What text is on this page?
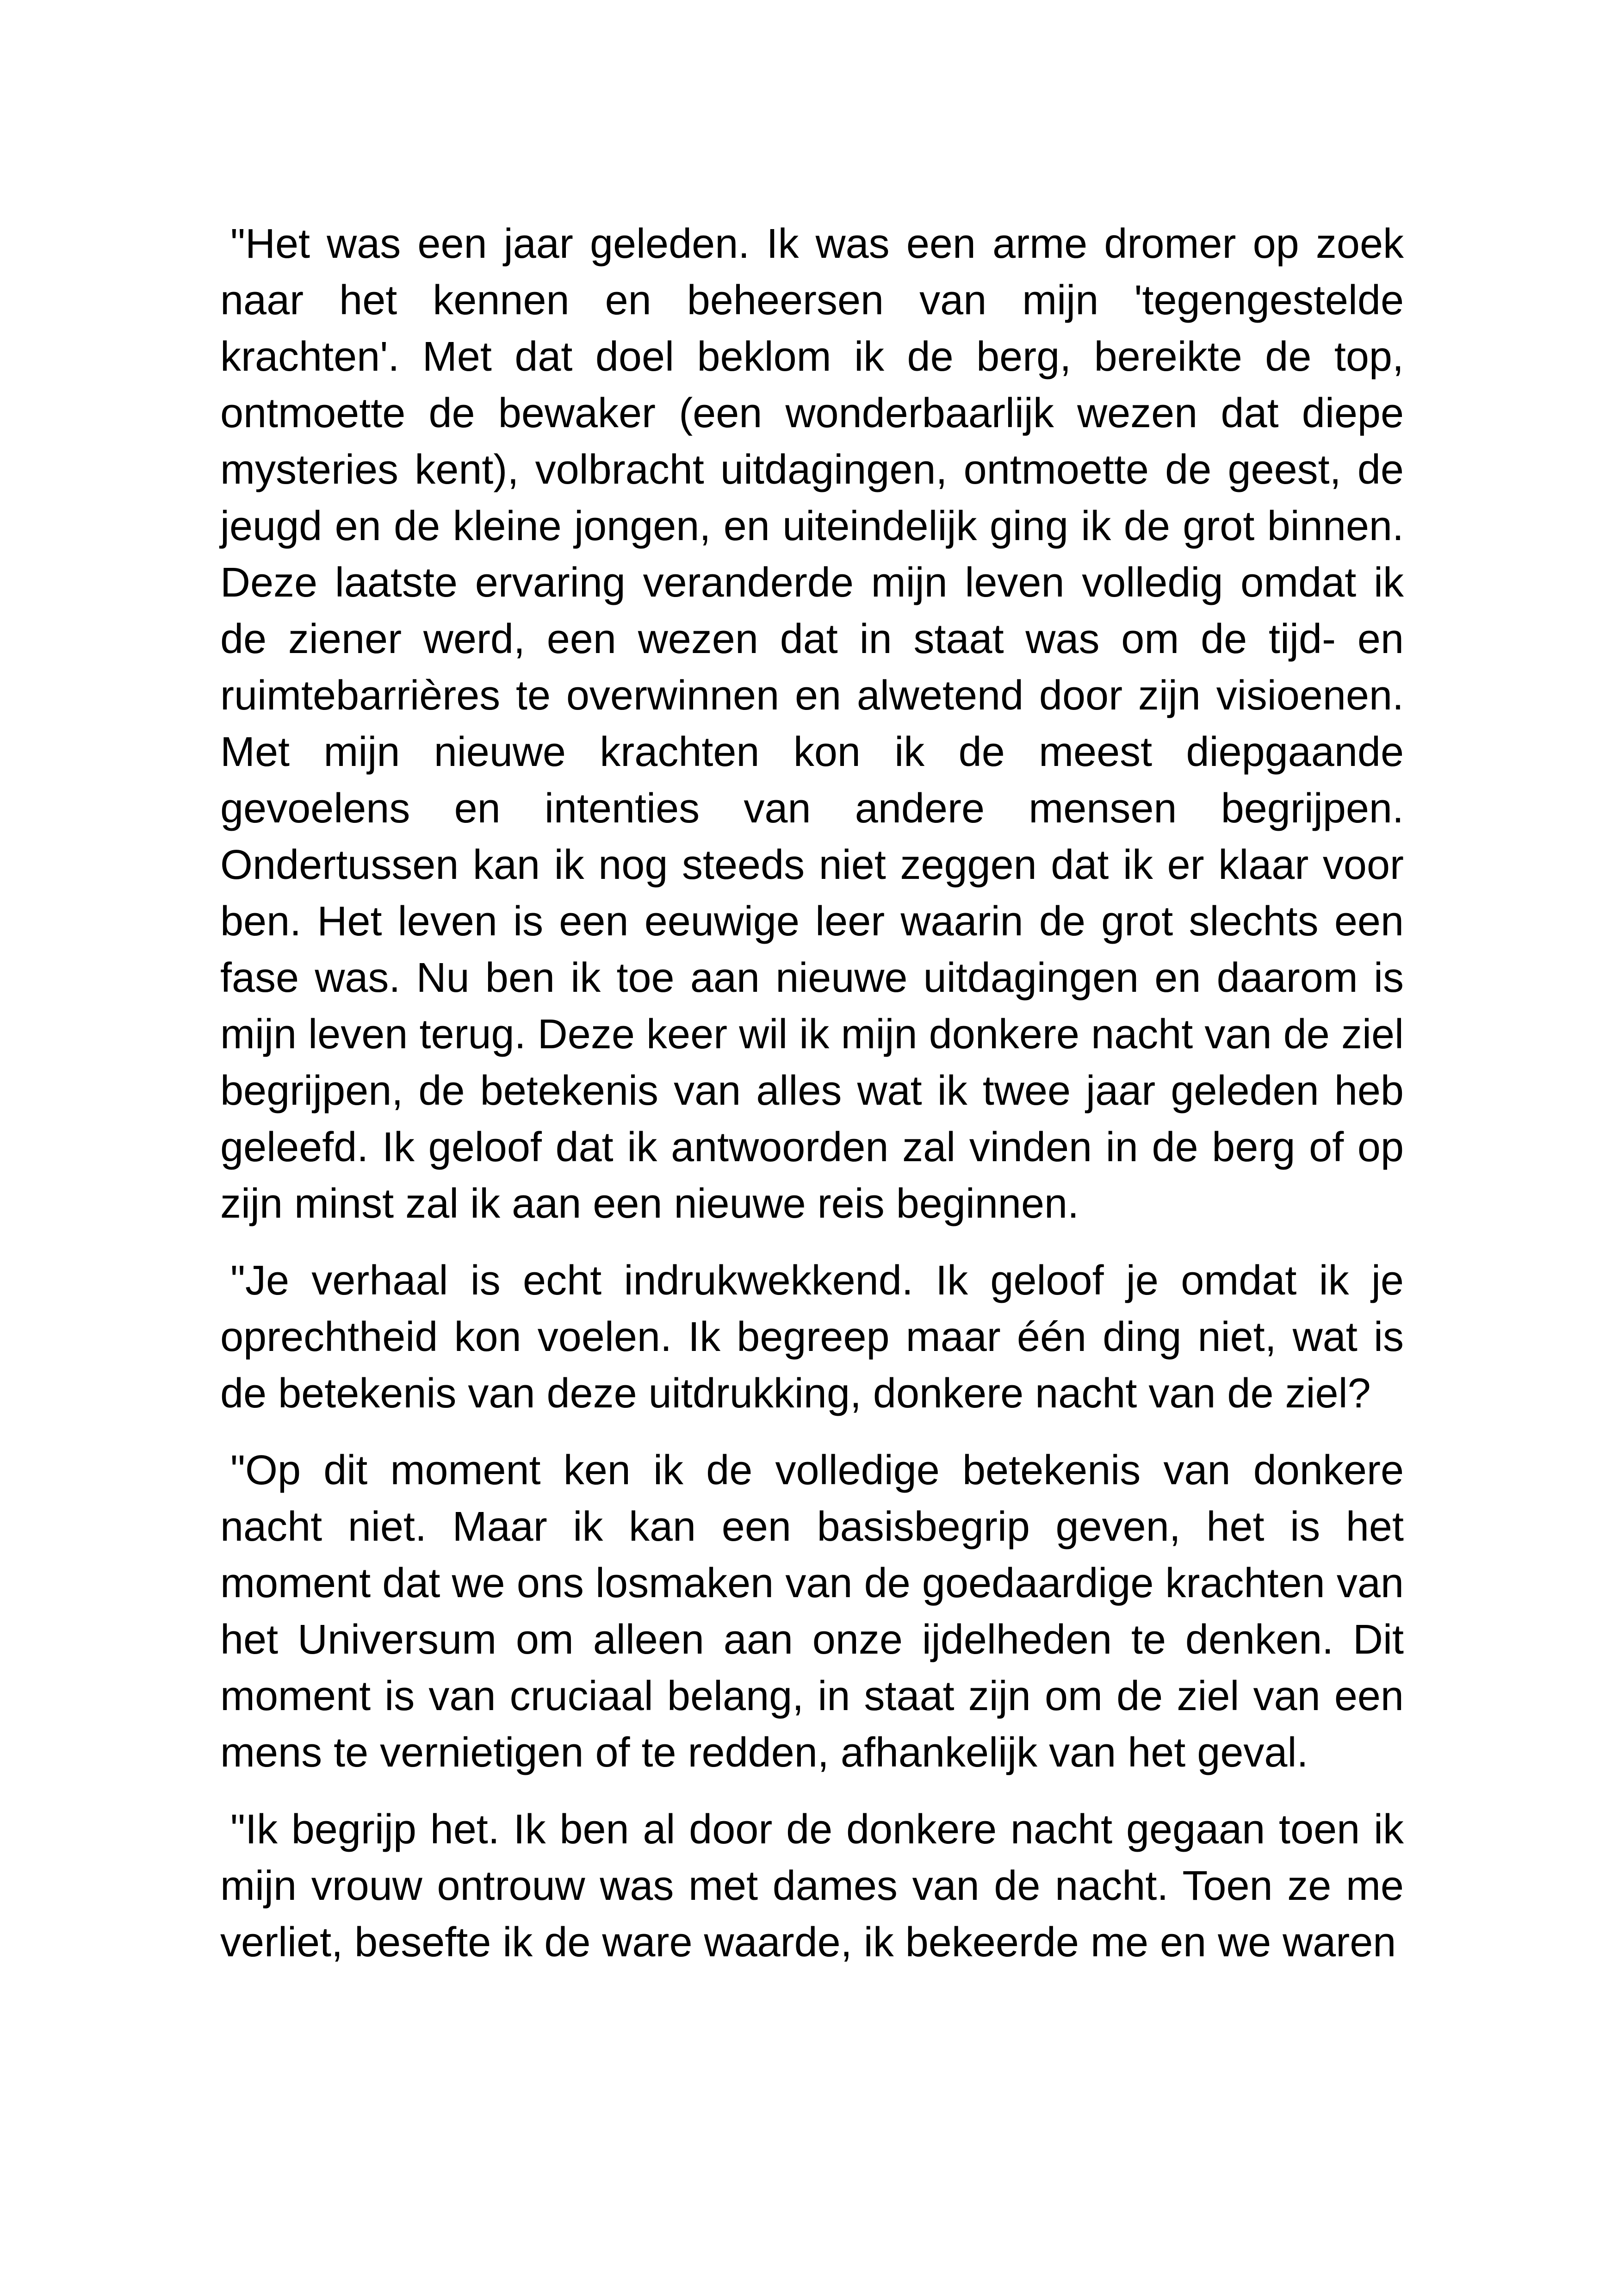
"Het was een jaar geleden. Ik was een arme dromer op zoek naar het kennen en beheersen van mijn 'tegengestelde krachten'. Met dat doel beklom ik de berg, bereikte de top, ontmoette de bewaker (een wonderbaarlijk wezen dat diepe mysteries kent), volbracht uitdagingen, ontmoette de geest, de jeugd en de kleine jongen, en uiteindelijk ging ik de grot binnen. Deze laatste ervaring veranderde mijn leven volledig omdat ik de ziener werd, een wezen dat in staat was om de tijd- en ruimtebarrières te overwinnen en alwetend door zijn visioenen. Met mijn nieuwe krachten kon ik de meest diepgaande gevoelens en intenties van andere mensen begrijpen. Ondertussen kan ik nog steeds niet zeggen dat ik er klaar voor ben. Het leven is een eeuwige leer waarin de grot slechts een fase was. Nu ben ik toe aan nieuwe uitdagingen en daarom is mijn leven terug. Deze keer wil ik mijn donkere nacht van de ziel begrijpen, de betekenis van alles wat ik twee jaar geleden heb geleefd. Ik geloof dat ik antwoorden zal vinden in de berg of op zijn minst zal ik aan een nieuwe reis beginnen.

"Je verhaal is echt indrukwekkend. Ik geloof je omdat ik je oprechtheid kon voelen. Ik begreep maar één ding niet, wat is de betekenis van deze uitdrukking, donkere nacht van de ziel?

"Op dit moment ken ik de volledige betekenis van donkere nacht niet. Maar ik kan een basisbegrip geven, het is het moment dat we ons losmaken van de goedaardige krachten van het Universum om alleen aan onze ijdelheden te denken. Dit moment is van cruciaal belang, in staat zijn om de ziel van een mens te vernietigen of te redden, afhankelijk van het geval.

"Ik begrijp het. Ik ben al door de donkere nacht gegaan toen ik mijn vrouw ontrouw was met dames van de nacht. Toen ze me verliet, besefte ik de ware waarde, ik bekeerde me en we waren
